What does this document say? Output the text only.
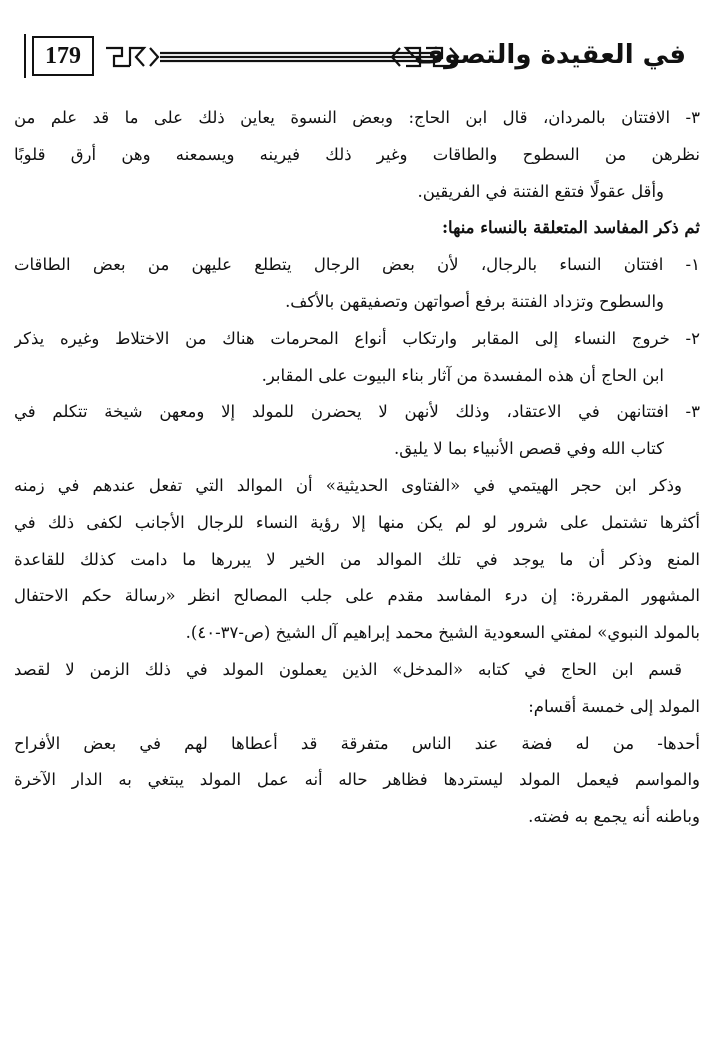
179	في العقيدة والتصوف
٣- الافتتان بالمردان، قال ابن الحاج: وبعض النسوة يعاين ذلك على ما قد علم من
نظرهن من السطوح والطاقات وغير ذلك فيرينه ويسمعنه وهن أرق قلوبًا
وأقل عقولًا فتقع الفتنة في الفريقين.
ثم ذكر المفاسد المتعلقة بالنساء منها:
١- افتتان النساء بالرجال، لأن بعض الرجال يتطلع عليهن من بعض الطاقات
والسطوح وتزداد الفتنة برفع أصواتهن وتصفيقهن بالأكف.
٢- خروج النساء إلى المقابر وارتكاب أنواع المحرمات هناك من الاختلاط وغيره يذكر
ابن الحاج أن هذه المفسدة من آثار بناء البيوت على المقابر.
٣- افتتانهن في الاعتقاد، وذلك لأنهن لا يحضرن للمولد إلا ومعهن شيخة تتكلم في
كتاب الله وفي قصص الأنبياء بما لا يليق.
وذكر ابن حجر الهيتمي في «الفتاوى الحديثية» أن الموالد التي تفعل عندهم في زمنه
أكثرها تشتمل على شرور لو لم يكن منها إلا رؤية النساء للرجال الأجانب لكفى ذلك في
المنع وذكر أن ما يوجد في تلك الموالد من الخير لا يبررها ما دامت كذلك للقاعدة
المشهور المقررة: إن درء المفاسد مقدم على جلب المصالح انظر «رسالة حكم الاحتفال
بالمولد النبوي» لمفتي السعودية الشيخ محمد إبراهيم آل الشيخ (ص-٣٧-٤٠).
قسم ابن الحاج في كتابه «المدخل» الذين يعملون المولد في ذلك الزمن لا لقصد
المولد إلى خمسة أقسام:
أحدها- من له فضة عند الناس متفرقة قد أعطاها لهم في بعض الأفراح
والمواسم فيعمل المولد ليستردها فظاهر حاله أنه عمل المولد يبتغي به الدار الآخرة
وباطنه أنه يجمع به فضته.
